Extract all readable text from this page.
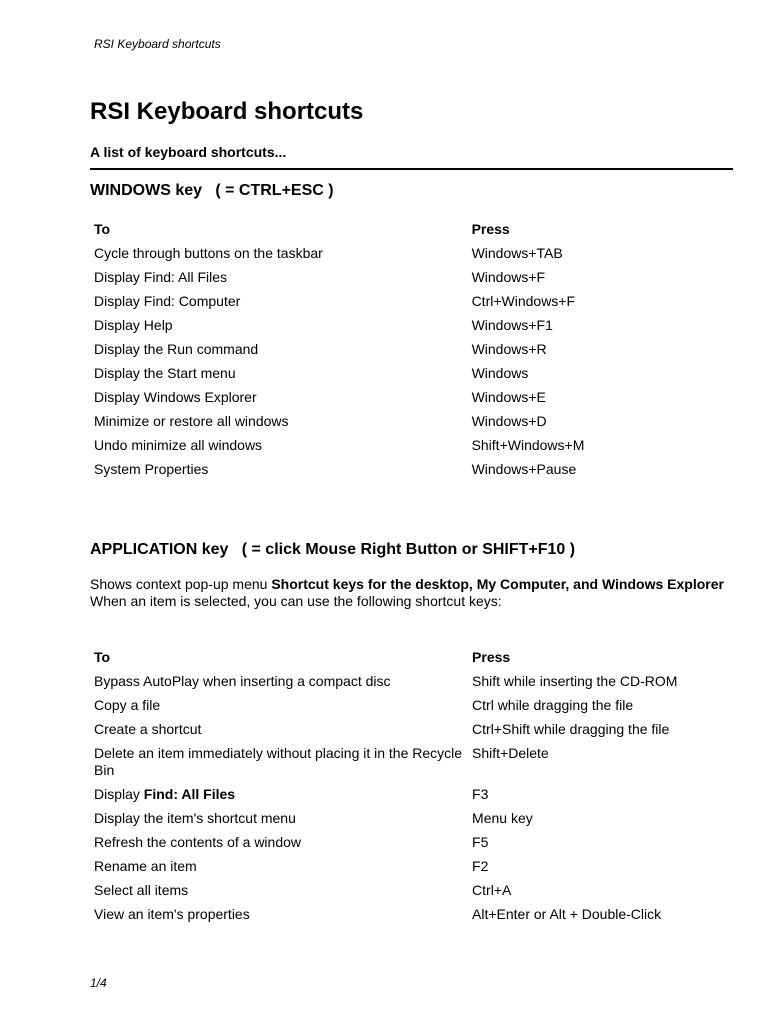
RSI Keyboard shortcuts
RSI Keyboard shortcuts
A list of keyboard shortcuts...
WINDOWS key   ( = CTRL+ESC )
To	Press
Cycle through buttons on the taskbar	Windows+TAB
Display Find: All Files	Windows+F
Display Find: Computer	Ctrl+Windows+F
Display Help	Windows+F1
Display the Run command	Windows+R
Display the Start menu	Windows
Display Windows Explorer	Windows+E
Minimize or restore all windows	Windows+D
Undo minimize all windows	Shift+Windows+M
System Properties	Windows+Pause
APPLICATION key   ( = click Mouse Right Button or SHIFT+F10 )
Shows context pop-up menu Shortcut keys for the desktop, My Computer, and Windows Explorer
When an item is selected, you can use the following shortcut keys:
To	Press
Bypass AutoPlay when inserting a compact disc	Shift while inserting the CD-ROM
Copy a file	Ctrl while dragging the file
Create a shortcut	Ctrl+Shift while dragging the file
Delete an item immediately without placing it in the Recycle Bin	Shift+Delete
Display Find: All Files	F3
Display the item's shortcut menu	Menu key
Refresh the contents of a window	F5
Rename an item	F2
Select all items	Ctrl+A
View an item's properties	Alt+Enter or Alt + Double-Click
1/4
